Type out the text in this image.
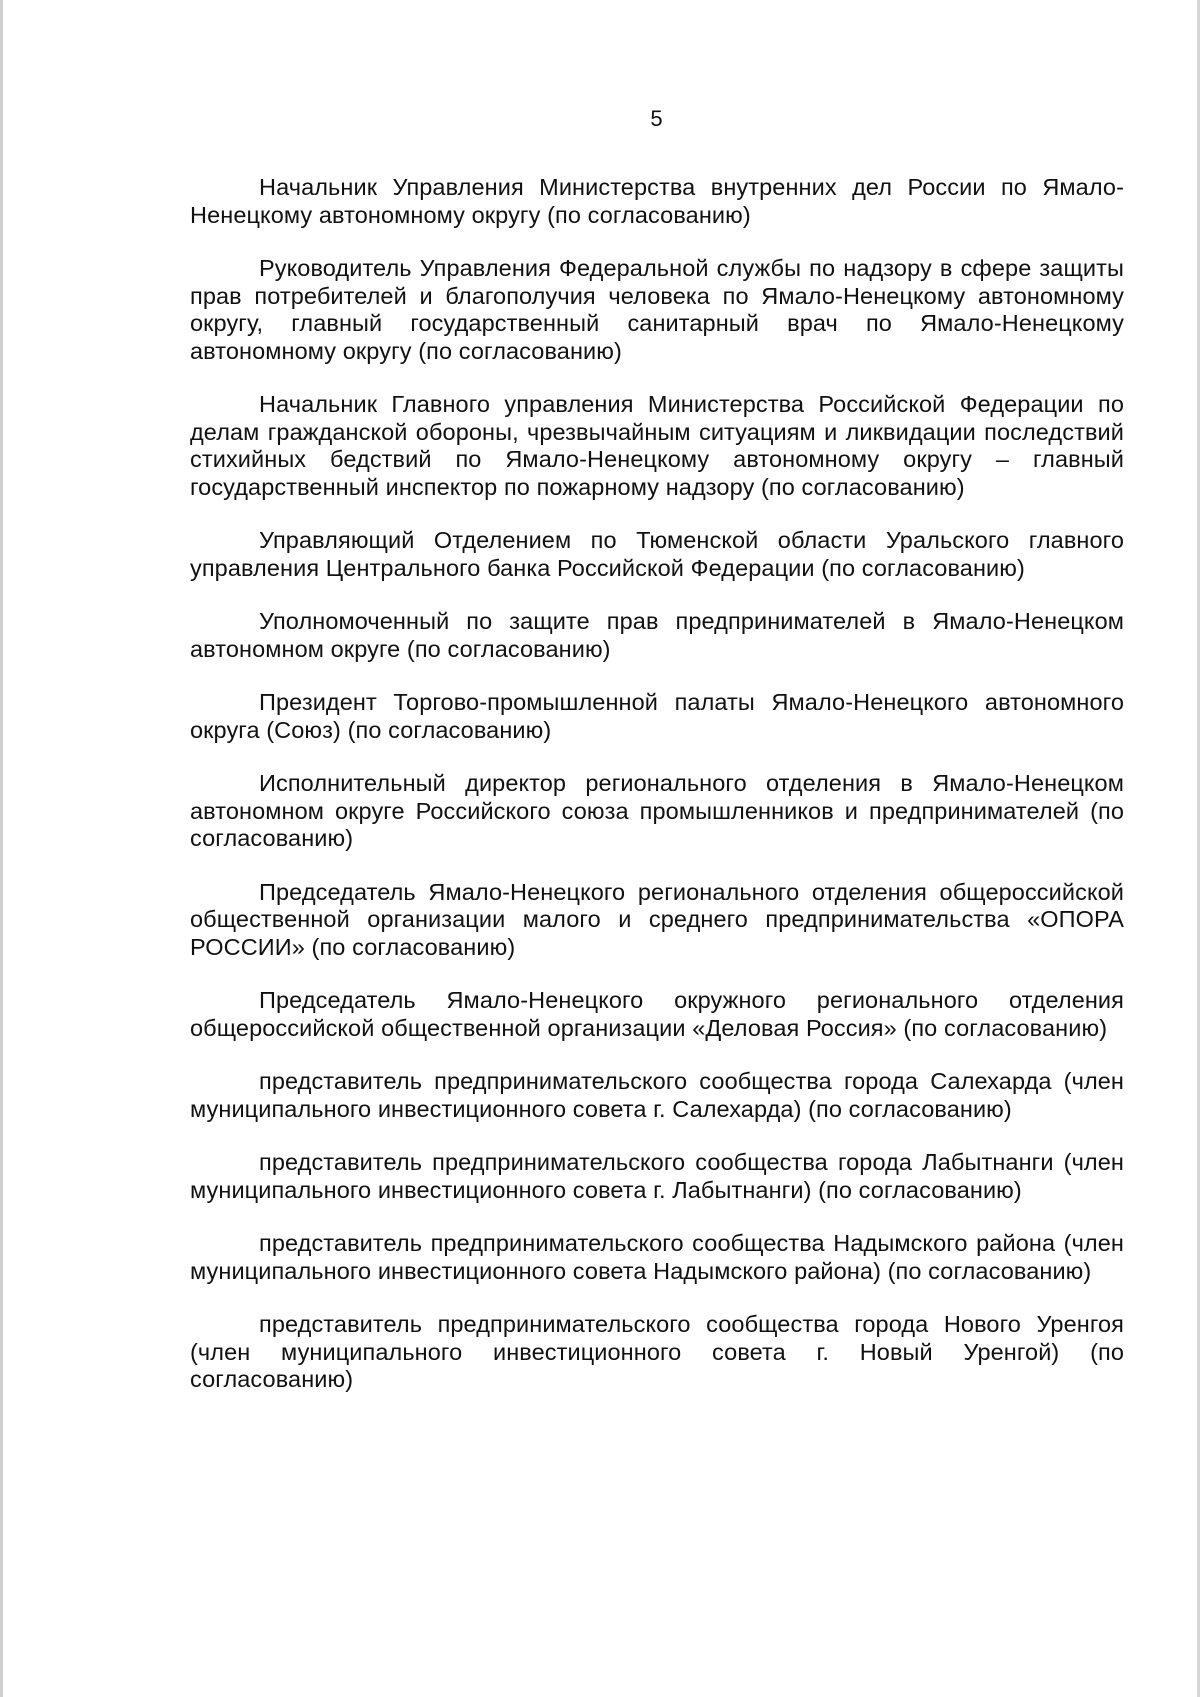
5

Начальник Управления Министерства внутренних дел России по Ямало-Ненецкому автономному округу (по согласованию)

Руководитель Управления Федеральной службы по надзору в сфере защиты прав потребителей и благополучия человека по Ямало-Ненецкому автономному округу, главный государственный санитарный врач по Ямало-Ненецкому автономному округу (по согласованию)

Начальник Главного управления Министерства Российской Федерации по делам гражданской обороны, чрезвычайным ситуациям и ликвидации последствий стихийных бедствий по Ямало-Ненецкому автономному округу – главный государственный инспектор по пожарному надзору (по согласованию)

Управляющий Отделением по Тюменской области Уральского главного управления Центрального банка Российской Федерации (по согласованию)

Уполномоченный по защите прав предпринимателей в Ямало-Ненецком автономном округе (по согласованию)

Президент Торгово-промышленной палаты Ямало-Ненецкого автономного округа (Союз) (по согласованию)

Исполнительный директор регионального отделения в Ямало-Ненецком автономном округе Российского союза промышленников и предпринимателей (по согласованию)

Председатель Ямало-Ненецкого регионального отделения общероссийской общественной организации малого и среднего предпринимательства «ОПОРА РОССИИ» (по согласованию)

Председатель Ямало-Ненецкого окружного регионального отделения общероссийской общественной организации «Деловая Россия» (по согласованию)

представитель предпринимательского сообщества города Салехарда (член муниципального инвестиционного совета г. Салехарда) (по согласованию)

представитель предпринимательского сообщества города Лабытнанги (член муниципального инвестиционного совета г. Лабытнанги) (по согласованию)

представитель предпринимательского сообщества Надымского района (член муниципального инвестиционного совета Надымского района) (по согласованию)

представитель предпринимательского сообщества города Нового Уренгоя (член муниципального инвестиционного совета г. Новый Уренгой) (по согласованию)
